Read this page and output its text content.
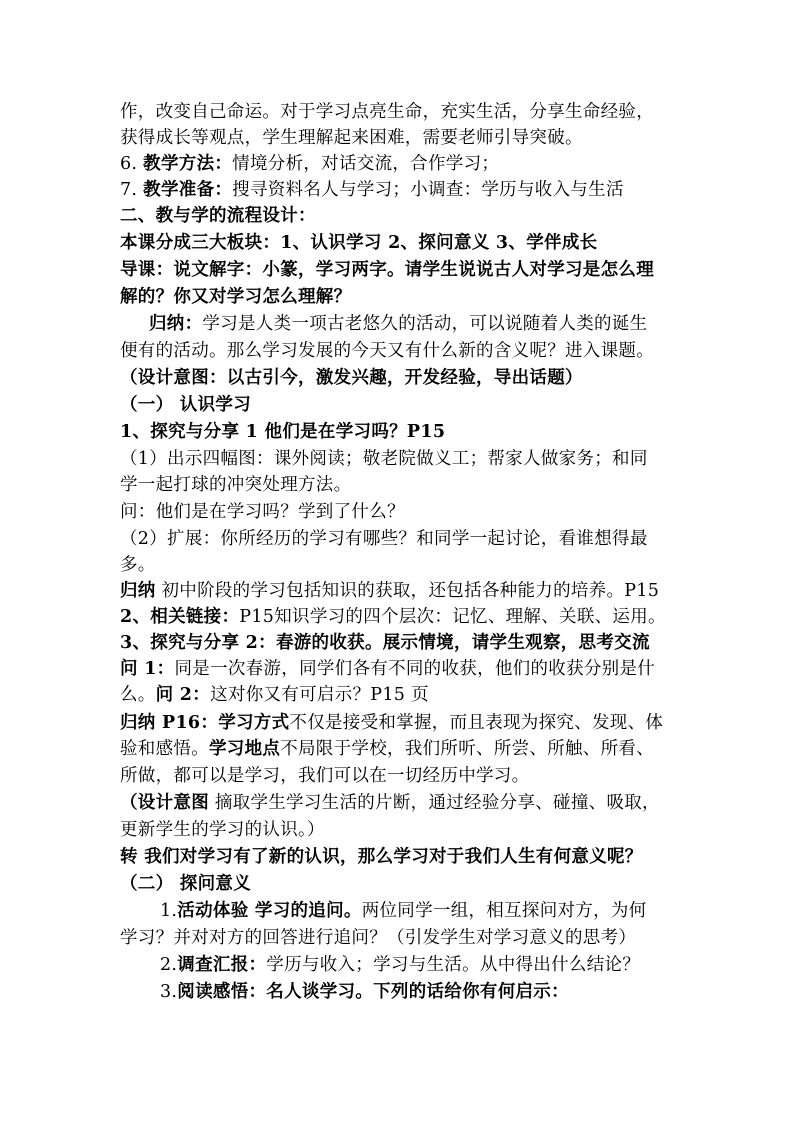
作，改变自己命运。对于学习点亮生命，充实生活，分享生命经验，
获得成长等观点，学生理解起来困难，需要老师引导突破。
6. 教学方法：情境分析，对话交流，合作学习；
7. 教学准备：搜寻资料名人与学习；小调查：学历与收入与生活
二、教与学的流程设计：
本课分成三大板块：1、认识学习 2、探问意义 3、学伴成长
导课：说文解字：小篆，学习两字。请学生说说古人对学习是怎么理
解的？你又对学习怎么理解？
归纳：学习是人类一项古老悠久的活动，可以说随着人类的诞生
便有的活动。那么学习发展的今天又有什么新的含义呢？进入课题。
（设计意图：以古引今，激发兴趣，开发经验，导出话题）
（一） 认识学习
1、探究与分享 1 他们是在学习吗？P15
（1）出示四幅图：课外阅读；敬老院做义工；帮家人做家务；和同
学一起打球的冲突处理方法。
问：他们是在学习吗？学到了什么？
（2）扩展：你所经历的学习有哪些？和同学一起讨论，看谁想得最
多。
归纳 初中阶段的学习包括知识的获取，还包括各种能力的培养。P15
2、相关链接：P15知识学习的四个层次：记忆、理解、关联、运用。
3、探究与分享 2：春游的收获。展示情境，请学生观察，思考交流
问 1：同是一次春游，同学们各有不同的收获，他们的收获分别是什
么。问 2：这对你又有可启示？P15 页
归纳 P16：学习方式不仅是接受和掌握，而且表现为探究、发现、体
验和感悟。学习地点不局限于学校，我们所听、所尝、所触、所看、
所做，都可以是学习，我们可以在一切经历中学习。
（设计意图 摘取学生学习生活的片断，通过经验分享、碰撞、吸取，
更新学生的学习的认识。）
转 我们对学习有了新的认识，那么学习对于我们人生有何意义呢？
（二） 探问意义
1.活动体验 学习的追问。两位同学一组，相互探问对方，为何
学习？并对对方的回答进行追问？（引发学生对学习意义的思考）
2.调查汇报：学历与收入；学习与生活。从中得出什么结论？
3.阅读感悟：名人谈学习。下列的话给你有何启示：
